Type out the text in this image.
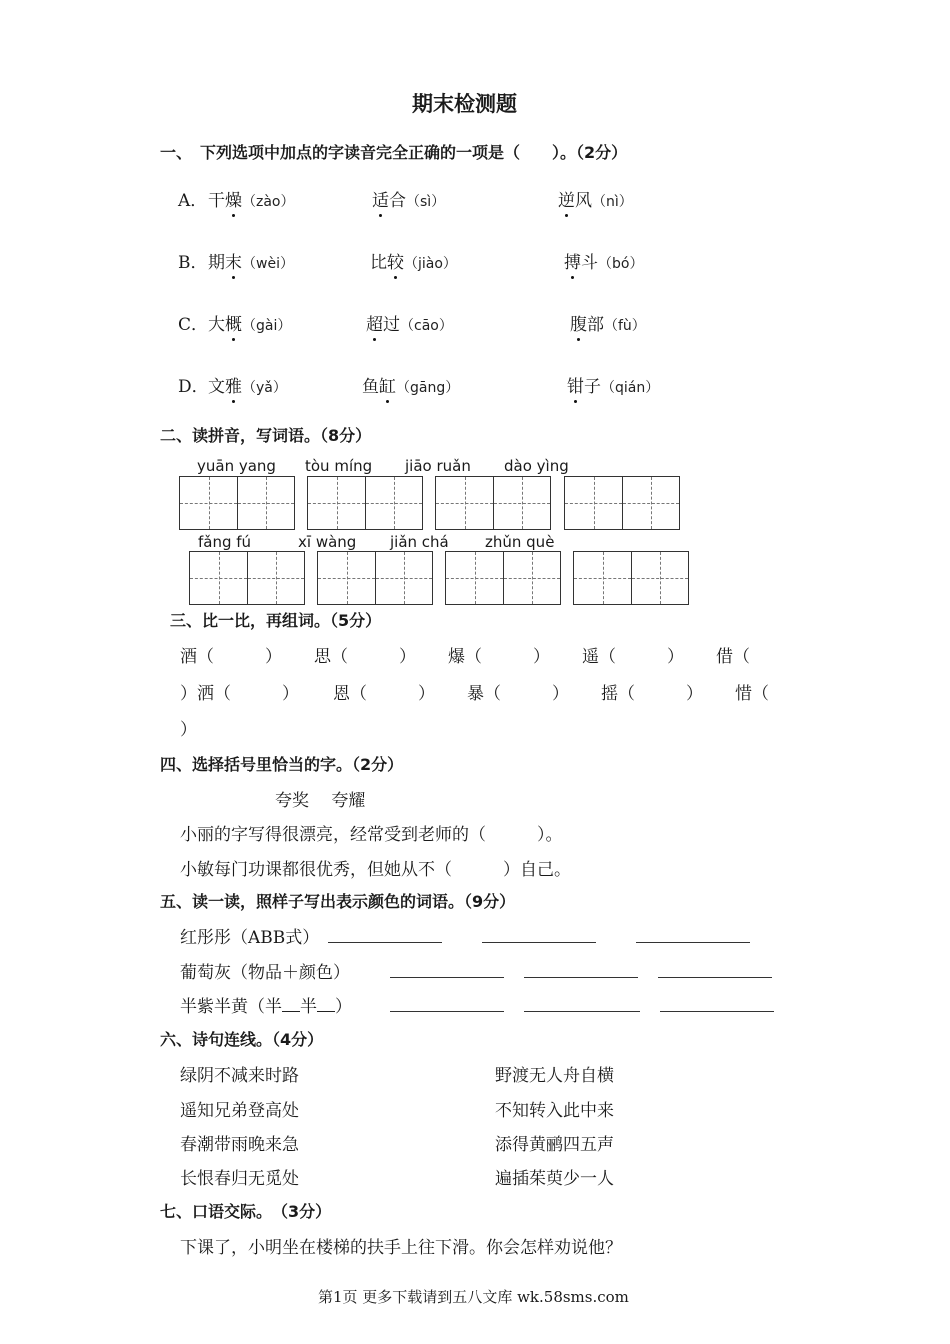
期末检测题
一、　下列选项中加点的字读音完全正确的一项是（　　）。（2分）
A． 干燥（zào）	适合（sì）	逆风（nì）
B． 期末（wèi）	比较（jiào）	搏斗（bó）
C． 大概（gài）	超过（cāo）	腹部（fù）
D． 文雅（yǎ）	鱼缸（gāng）	钳子（qián）
二、读拼音，写词语。（8分）
yuān yang tòu míng jiāo ruǎn dào yìng
fǎng fú	xī wàng jiǎn chá zhǔn què
三、比一比，再组词。（5分）
酒（　　　） 思（　　　） 爆（　　　） 遥（　　　） 借（
）洒（　　　） 恩（　　　） 暴（　　　） 摇（　　　） 惜（
）
四、选择括号里恰当的字。（2分）
夸奖　 夸耀
小丽的字写得很漂亮，经常受到老师的（　　　）。
小敏每门功课都很优秀，但她从不（　　　）自己。
五、读一读，照样子写出表示颜色的词语。（9分）
红彤彤（ABB式）
葡萄灰（物品＋颜色）
半紫半黄（半 半 ）
六、诗句连线。（4分）
绿阴不减来时路	野渡无人舟自横
遥知兄弟登高处	不知转入此中来
春潮带雨晚来急	添得黄鹂四五声
长恨春归无觅处	遍插茱萸少一人
七、口语交际。　（3分）
下课了，小明坐在楼梯的扶手上往下滑。你会怎样劝说他？
第1页 更多下载请到五八文库 wk.58sms.com
